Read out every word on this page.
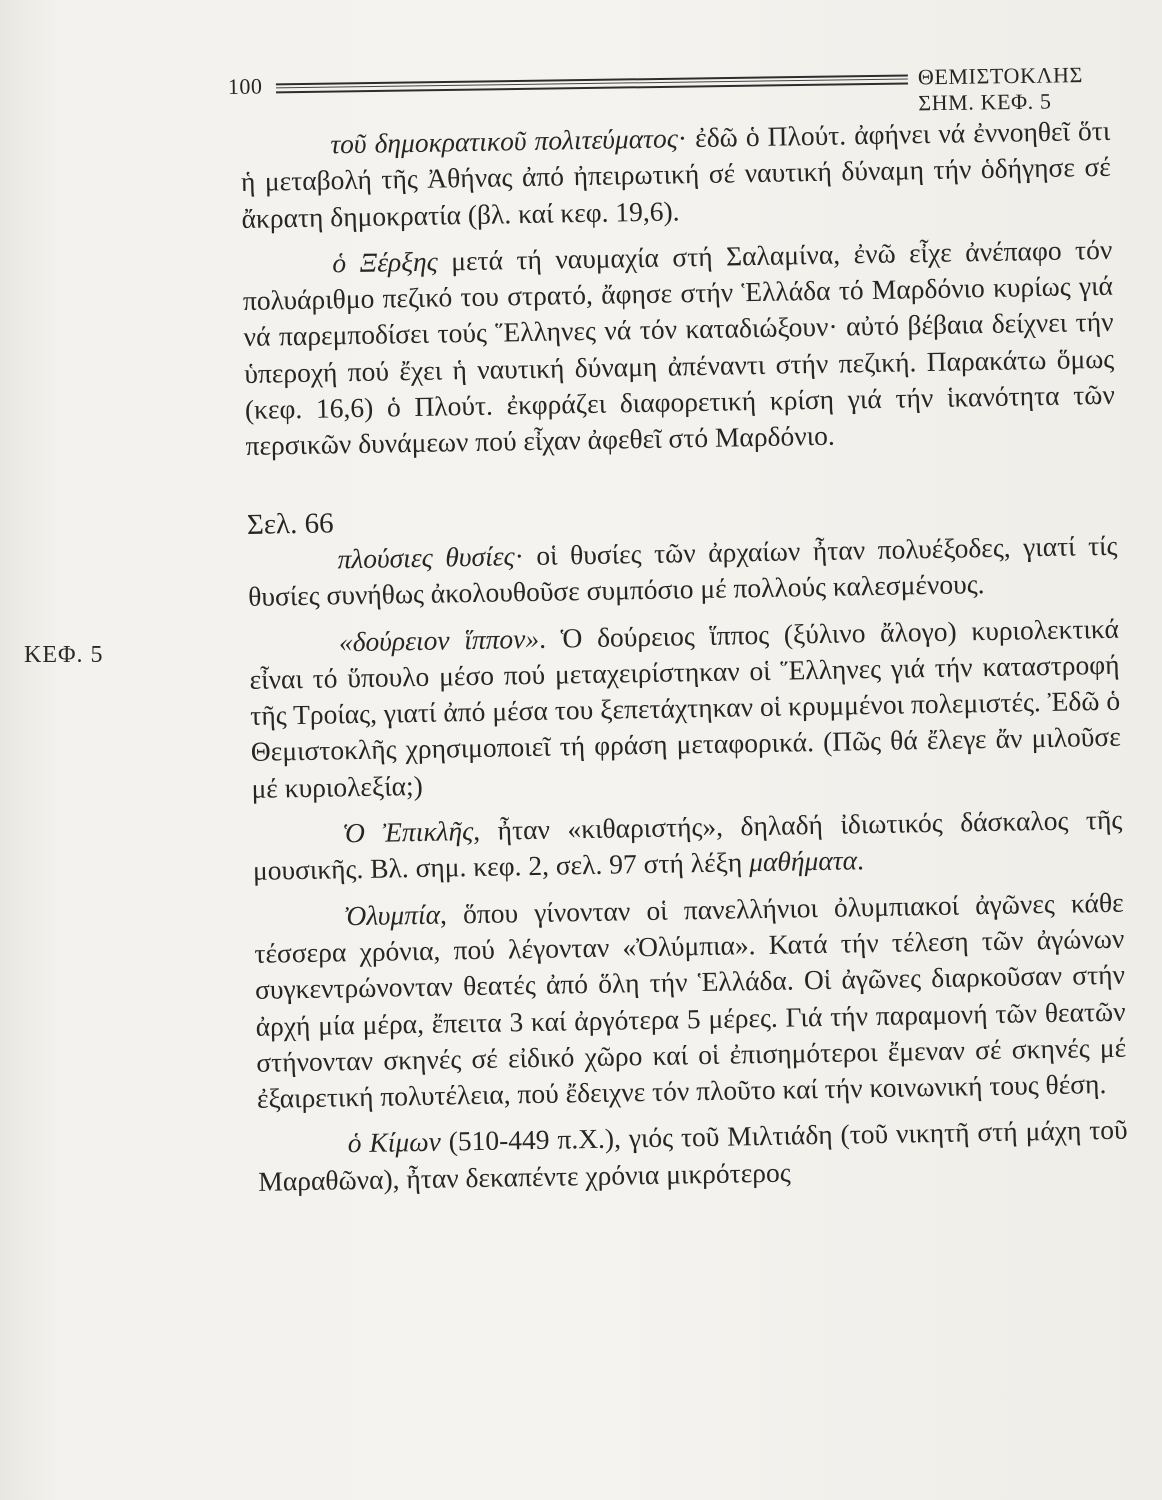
100	ΘΕΜΙΣΤΟΚΛΗΣ ΣΗΜ. ΚΕΦ. 5
ΚΕΦ. 5

τοῦ δημοκρατικοῦ πολιτεύματος· ἐδῶ ὁ Πλούτ. ἀφήνει νά ἐννοηθεῖ ὅτι ἡ μεταβολή τῆς Ἀθήνας ἀπό ἠπειρωτική σέ ναυτική δύναμη τήν ὁδήγησε σέ ἄκρατη δημοκρατία (βλ. καί κεφ. 19,6).

ὁ Ξέρξης μετά τή ναυμαχία στή Σαλαμίνα, ἐνῶ εἶχε ἀνέπαφο τόν πολυάριθμο πεζικό του στρατό, ἄφησε στήν Ἑλλάδα τό Μαρδόνιο κυρίως γιά νά παρεμποδίσει τούς Ἕλληνες νά τόν καταδιώξουν· αὐτό βέβαια δείχνει τήν ὑπεροχή πού ἔχει ἡ ναυτική δύναμη ἀπέναντι στήν πεζική. Παρακάτω ὅμως (κεφ. 16,6) ὁ Πλούτ. ἐκφράζει διαφορετική κρίση γιά τήν ἱκανότητα τῶν περσικῶν δυνάμεων πού εἶχαν ἀφεθεῖ στό Μαρδόνιο.

Σελ. 66

πλούσιες θυσίες· οἱ θυσίες τῶν ἀρχαίων ἦταν πολυέξοδες, γιατί τίς θυσίες συνήθως ἀκολουθοῦσε συμπόσιο μέ πολλούς καλεσμένους.

«δούρειον ἵππον». Ὁ δούρειος ἵππος (ξύλινο ἄλογο) κυριολεκτικά εἶναι τό ὕπουλο μέσο πού μεταχειρίστηκαν οἱ Ἕλληνες γιά τήν καταστροφή τῆς Τροίας, γιατί ἀπό μέσα του ξεπετάχτηκαν οἱ κρυμμένοι πολεμιστές. Ἐδῶ ὁ Θεμιστοκλῆς χρησιμοποιεῖ τή φράση μεταφορικά. (Πῶς θά ἔλεγε ἄν μιλοῦσε μέ κυριολεξία;)

Ὁ Ἐπικλῆς, ἦταν «κιθαριστής», δηλαδή ἰδιωτικός δάσκαλος τῆς μουσικῆς. Βλ. σημ. κεφ. 2, σελ. 97 στή λέξη μαθήματα.

Ὀλυμπία, ὅπου γίνονταν οἱ πανελλήνιοι ὀλυμπιακοί ἀγῶνες κάθε τέσσερα χρόνια, πού λέγονταν «Ὀλύμπια». Κατά τήν τέλεση τῶν ἀγώνων συγκεντρώνονταν θεατές ἀπό ὅλη τήν Ἑλλάδα. Οἱ ἀγῶνες διαρκοῦσαν στήν ἀρχή μία μέρα, ἔπειτα 3 καί ἀργότερα 5 μέρες. Γιά τήν παραμονή τῶν θεατῶν στήνονταν σκηνές σέ εἰδικό χῶρο καί οἱ ἐπισημότεροι ἔμεναν σέ σκηνές μέ ἐξαιρετική πολυτέλεια, πού ἔδειχνε τόν πλοῦτο καί τήν κοινωνική τους θέση.

ὁ Κίμων (510-449 π.Χ.), γιός τοῦ Μιλτιάδη (τοῦ νικητῆ στή μάχη τοῦ Μαραθῶνα), ἦταν δεκαπέντε χρόνια μικρότερος
